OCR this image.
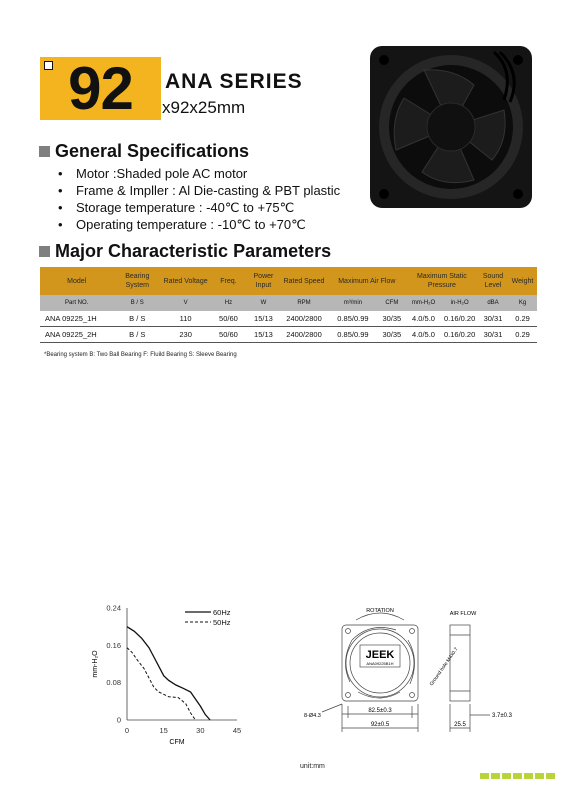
92	ANA SERIES
x92x25mm
General Specifications
•	Motor :Shaded pole AC motor
•	Frame & Impller : Al Die-casting & PBT plastic
•	Storage temperature : -40℃ to +75℃
•	Operating temperature : -10℃ to +70℃
Major Characteristic Parameters
Model	Bearing System	Rated Voltage	Freq.	Power Input	Rated Speed	Maximum Air Flow		Maximum Static Pressure		Sound Level	Weight
Part NO.	B / S	V	Hz	W	RPM	m³/min	CFM	mm-H₂O	in-H₂O	dBA	Kg
ANA 09225_1H	B / S	110	50/60	15/13	2400/2800	0.85/0.99	30/35	4.0/5.0	0.16/0.20	30/31	0.29
ANA 09225_2H	B / S	230	50/60	15/13	2400/2800	0.85/0.99	30/35	4.0/5.0	0.16/0.20	30/31	0.29
*Bearing system B: Two Ball Bearing F: Fluild Bearing S: Sleeve Bearing
0	15	30	45
0
0.08
0.16
0.24	60Hz
50Hz
CFM
mm-H₂O	JEEK
ANA09225B1H
ROTATION	AIR FLOW
Ground hole M4x0.7
8-Ø4.3
82.5±0.3
92±0.5	25.5
3.7±0.3
unit:mm
